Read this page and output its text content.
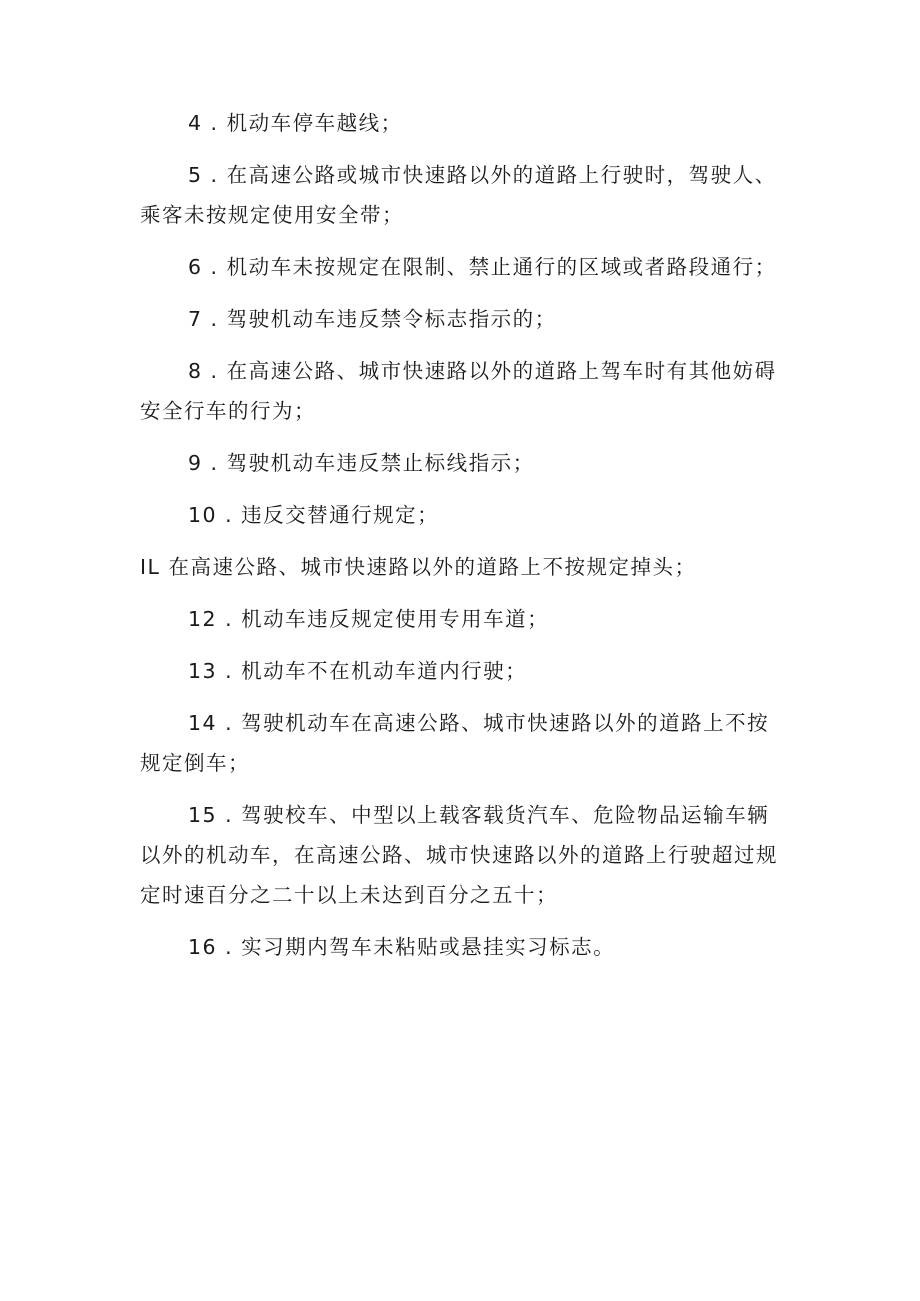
4 . 机动车停车越线；

5 . 在高速公路或城市快速路以外的道路上行驶时，驾驶人、乘客未按规定使用安全带；

6 . 机动车未按规定在限制、禁止通行的区域或者路段通行；

7 . 驾驶机动车违反禁令标志指示的；

8 . 在高速公路、城市快速路以外的道路上驾车时有其他妨碍安全行车的行为；

9 . 驾驶机动车违反禁止标线指示；

10 . 违反交替通行规定；

IL 在高速公路、城市快速路以外的道路上不按规定掉头；

12 . 机动车违反规定使用专用车道；

13 . 机动车不在机动车道内行驶；

14 . 驾驶机动车在高速公路、城市快速路以外的道路上不按规定倒车；

15 . 驾驶校车、中型以上载客载货汽车、危险物品运输车辆以外的机动车，在高速公路、城市快速路以外的道路上行驶超过规定时速百分之二十以上未达到百分之五十；

16 . 实习期内驾车未粘贴或悬挂实习标志。
